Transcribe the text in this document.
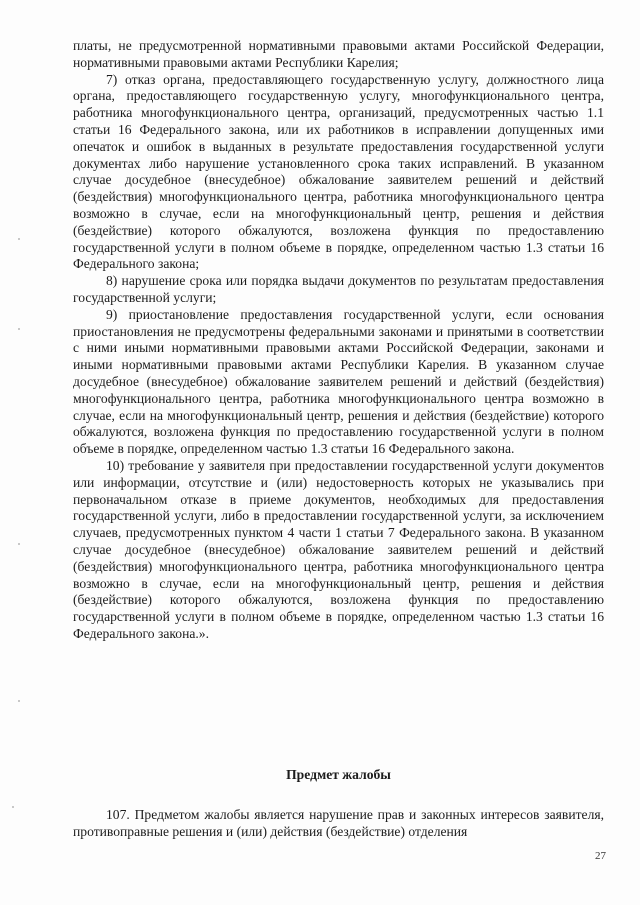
платы, не предусмотренной нормативными правовыми актами Российской Федерации, нормативными правовыми актами Республики Карелия;

7) отказ органа, предоставляющего государственную услугу, должностного лица органа, предоставляющего государственную услугу, многофункционального центра, работника многофункционального центра, организаций, предусмотренных частью 1.1 статьи 16 Федерального закона, или их работников в исправлении допущенных ими опечаток и ошибок в выданных в результате предоставления государственной услуги документах либо нарушение установленного срока таких исправлений. В указанном случае досудебное (внесудебное) обжалование заявителем решений и действий (бездействия) многофункционального центра, работника многофункционального центра возможно в случае, если на многофункциональный центр, решения и действия (бездействие) которого обжалуются, возложена функция по предоставлению государственной услуги в полном объеме в порядке, определенном частью 1.3 статьи 16 Федерального закона;

8) нарушение срока или порядка выдачи документов по результатам предоставления государственной услуги;

9) приостановление предоставления государственной услуги, если основания приостановления не предусмотрены федеральными законами и принятыми в соответствии с ними иными нормативными правовыми актами Российской Федерации, законами и иными нормативными правовыми актами Республики Карелия. В указанном случае досудебное (внесудебное) обжалование заявителем решений и действий (бездействия) многофункционального центра, работника многофункционального центра возможно в случае, если на многофункциональный центр, решения и действия (бездействие) которого обжалуются, возложена функция по предоставлению государственной услуги в полном объеме в порядке, определенном частью 1.3 статьи 16 Федерального закона.

10) требование у заявителя при предоставлении государственной услуги документов или информации, отсутствие и (или) недостоверность которых не указывались при первоначальном отказе в приеме документов, необходимых для предоставления государственной услуги, либо в предоставлении государственной услуги, за исключением случаев, предусмотренных пунктом 4 части 1 статьи 7 Федерального закона. В указанном случае досудебное (внесудебное) обжалование заявителем решений и действий (бездействия) многофункционального центра, работника многофункционального центра возможно в случае, если на многофункциональный центр, решения и действия (бездействие) которого обжалуются, возложена функция по предоставлению государственной услуги в полном объеме в порядке, определенном частью 1.3 статьи 16 Федерального закона.».

Предмет жалобы

107. Предметом жалобы является нарушение прав и законных интересов заявителя, противоправные решения и (или) действия (бездействие) отделения

27
